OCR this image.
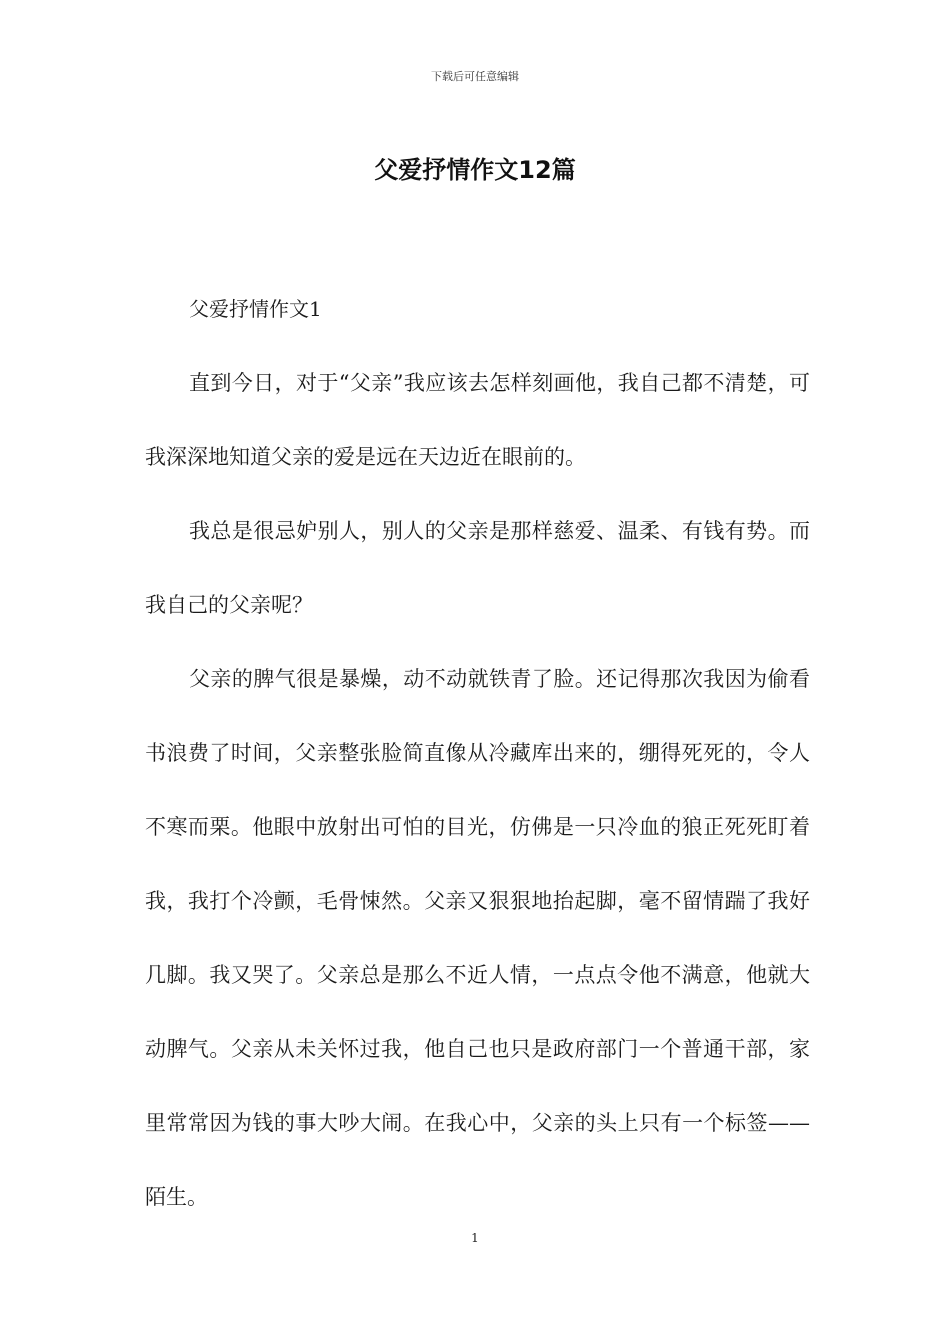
下载后可任意编辑
父爱抒情作文12篇

父爱抒情作文1

直到今日，对于“父亲”我应该去怎样刻画他，我自己都不清楚，可我深深地知道父亲的爱是远在天边近在眼前的。

我总是很忌妒别人，别人的父亲是那样慈爱、温柔、有钱有势。而我自己的父亲呢？

父亲的脾气很是暴燥，动不动就铁青了脸。还记得那次我因为偷看书浪费了时间，父亲整张脸简直像从冷藏库出来的，绷得死死的，令人不寒而栗。他眼中放射出可怕的目光，仿佛是一只冷血的狼正死死盯着我，我打个冷颤，毛骨悚然。父亲又狠狠地抬起脚，毫不留情踹了我好几脚。我又哭了。父亲总是那么不近人情，一点点令他不满意，他就大动脾气。父亲从未关怀过我，他自己也只是政府部门一个普通干部，家里常常因为钱的事大吵大闹。在我心中，父亲的头上只有一个标签——陌生。

1
